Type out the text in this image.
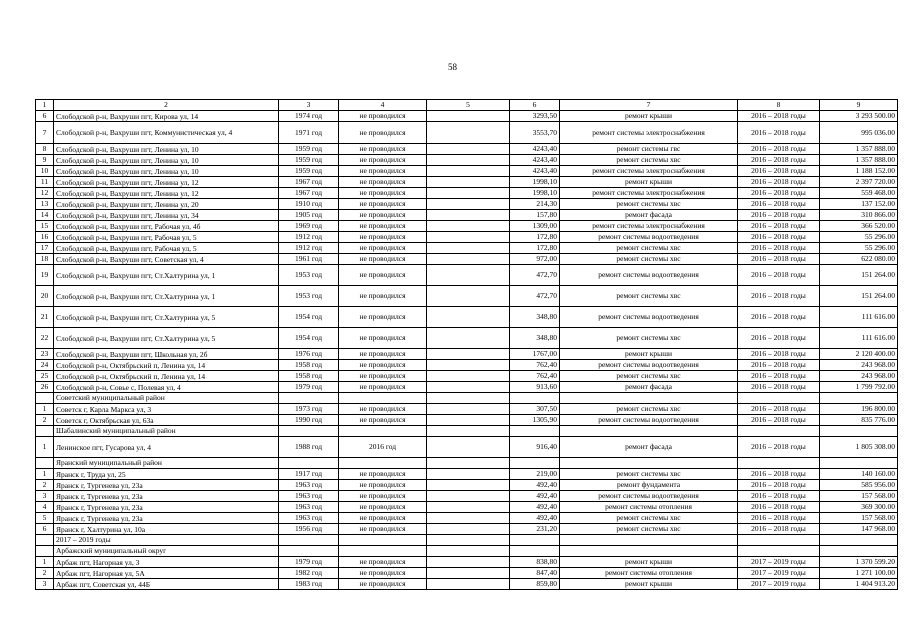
58
1	2	3	4	5	6	7	8	9
6	Слободской р-н, Вахруши пгт, Кирова ул, 14	1974 год	не проводился		3293,50	ремонт крыши	2016 – 2018 годы	3 293 500.00
7	Слободской р-н, Вахруши пгт, Коммунистическая ул, 4	1971 год	не проводился		3553,70	ремонт системы электроснабжения	2016 – 2018 годы	995 036.00
8	Слободской р-н, Вахруши пгт, Ленина ул, 10	1959 год	не проводился		4243,40	ремонт системы гвс	2016 – 2018 годы	1 357 888.00
9	Слободской р-н, Вахруши пгт, Ленина ул, 10	1959 год	не проводился		4243,40	ремонт системы хвс	2016 – 2018 годы	1 357 888.00
10	Слободской р-н, Вахруши пгт, Ленина ул, 10	1959 год	не проводился		4243,40	ремонт системы электроснабжения	2016 – 2018 годы	1 188 152.00
11	Слободской р-н, Вахруши пгт, Ленина ул, 12	1967 год	не проводился		1998,10	ремонт крыши	2016 – 2018 годы	2 397 720.00
12	Слободской р-н, Вахруши пгт, Ленина ул, 12	1967 год	не проводился		1998,10	ремонт системы электроснабжения	2016 – 2018 годы	559 468.00
13	Слободской р-н, Вахруши пгт, Ленина ул, 20	1910 год	не проводился		214,30	ремонт системы хвс	2016 – 2018 годы	137 152.00
14	Слободской р-н, Вахруши пгт, Ленина ул, 34	1905 год	не проводился		157,80	ремонт фасада	2016 – 2018 годы	310 866.00
15	Слободской р-н, Вахруши пгт, Рабочая ул, 4б	1969 год	не проводился		1309,00	ремонт системы электроснабжения	2016 – 2018 годы	366 520.00
16	Слободской р-н, Вахруши пгт, Рабочая ул, 5	1912 год	не проводился		172,80	ремонт системы водоотведения	2016 – 2018 годы	55 296.00
17	Слободской р-н, Вахруши пгт, Рабочая ул, 5	1912 год	не проводился		172,80	ремонт системы хвс	2016 – 2018 годы	55 296.00
18	Слободской р-н, Вахруши пгт, Советская ул, 4	1961 год	не проводился		972,00	ремонт системы хвс	2016 – 2018 годы	622 080.00
19	Слободской р-н, Вахруши пгт, Ст.Халтурина ул, 1	1953 год	не проводился		472,70	ремонт системы водоотведения	2016 – 2018 годы	151 264.00
20	Слободской р-н, Вахруши пгт, Ст.Халтурина ул, 1	1953 год	не проводился		472,70	ремонт системы хвс	2016 – 2018 годы	151 264.00
21	Слободской р-н, Вахруши пгт, Ст.Халтурина ул, 5	1954 год	не проводился		348,80	ремонт системы водоотведения	2016 – 2018 годы	111 616.00
22	Слободской р-н, Вахруши пгт, Ст.Халтурина ул, 5	1954 год	не проводился		348,80	ремонт системы хвс	2016 – 2018 годы	111 616.00
23	Слободской р-н, Вахруши пгт, Школьная ул, 2б	1976 год	не проводился		1767,00	ремонт крыши	2016 – 2018 годы	2 120 400.00
24	Слободской р-н, Октябрьский п, Ленина ул, 14	1958 год	не проводился		762,40	ремонт системы водоотведения	2016 – 2018 годы	243 968.00
25	Слободской р-н, Октябрьский п, Ленина ул, 14	1958 год	не проводился		762,40	ремонт системы хвс	2016 – 2018 годы	243 968.00
26	Слободской р-н, Совье с, Полевая ул, 4	1979 год	не проводился		913,60	ремонт фасада	2016 – 2018 годы	1 799 792.00
	Советский муниципальный район							
1	Советск г, Карла Маркса ул, 3	1973 год	не проводился		307,50	ремонт системы хвс	2016 – 2018 годы	196 800.00
2	Советск г, Октябрьская ул, 63а	1990 год	не проводился		1305,90	ремонт системы водоотведения	2016 – 2018 годы	835 776.00
	Шабалинский муниципальный район							
1	Ленинское пгт, Гусарова ул, 4	1988 год	2016 год		916,40	ремонт фасада	2016 – 2018 годы	1 805 308.00
	Яранский муниципальный район							
1	Яранск г, Труда ул, 25	1917 год	не проводился		219,00	ремонт системы хвс	2016 – 2018 годы	140 160.00
2	Яранск г, Тургенева ул, 23а	1963 год	не проводился		492,40	ремонт фундамента	2016 – 2018 годы	585 956.00
3	Яранск г, Тургенева ул, 23а	1963 год	не проводился		492,40	ремонт системы водоотведения	2016 – 2018 годы	157 568.00
4	Яранск г, Тургенева ул, 23а	1963 год	не проводился		492,40	ремонт системы отопления	2016 – 2018 годы	369 300.00
5	Яранск г, Тургенева ул, 23а	1963 год	не проводился		492,40	ремонт системы хвс	2016 – 2018 годы	157 568.00
6	Яранск г, Халтурина ул, 10а	1956 год	не проводился		231,20	ремонт системы хвс	2016 – 2018 годы	147 968.00
	2017 – 2019 годы							
	Арбажский муниципальный округ							
1	Арбаж пгт, Нагорная ул, 3	1979 год	не проводился		838,80	ремонт крыши	2017 – 2019 годы	1 370 599.20
2	Арбаж пгт, Нагорная ул, 5А	1982 год	не проводился		847,40	ремонт системы отопления	2017 – 2019 годы	1 271 100.00
3	Арбаж пгт, Советская ул, 44Б	1983 год	не проводился		859,80	ремонт крыши	2017 – 2019 годы	1 404 913.20
